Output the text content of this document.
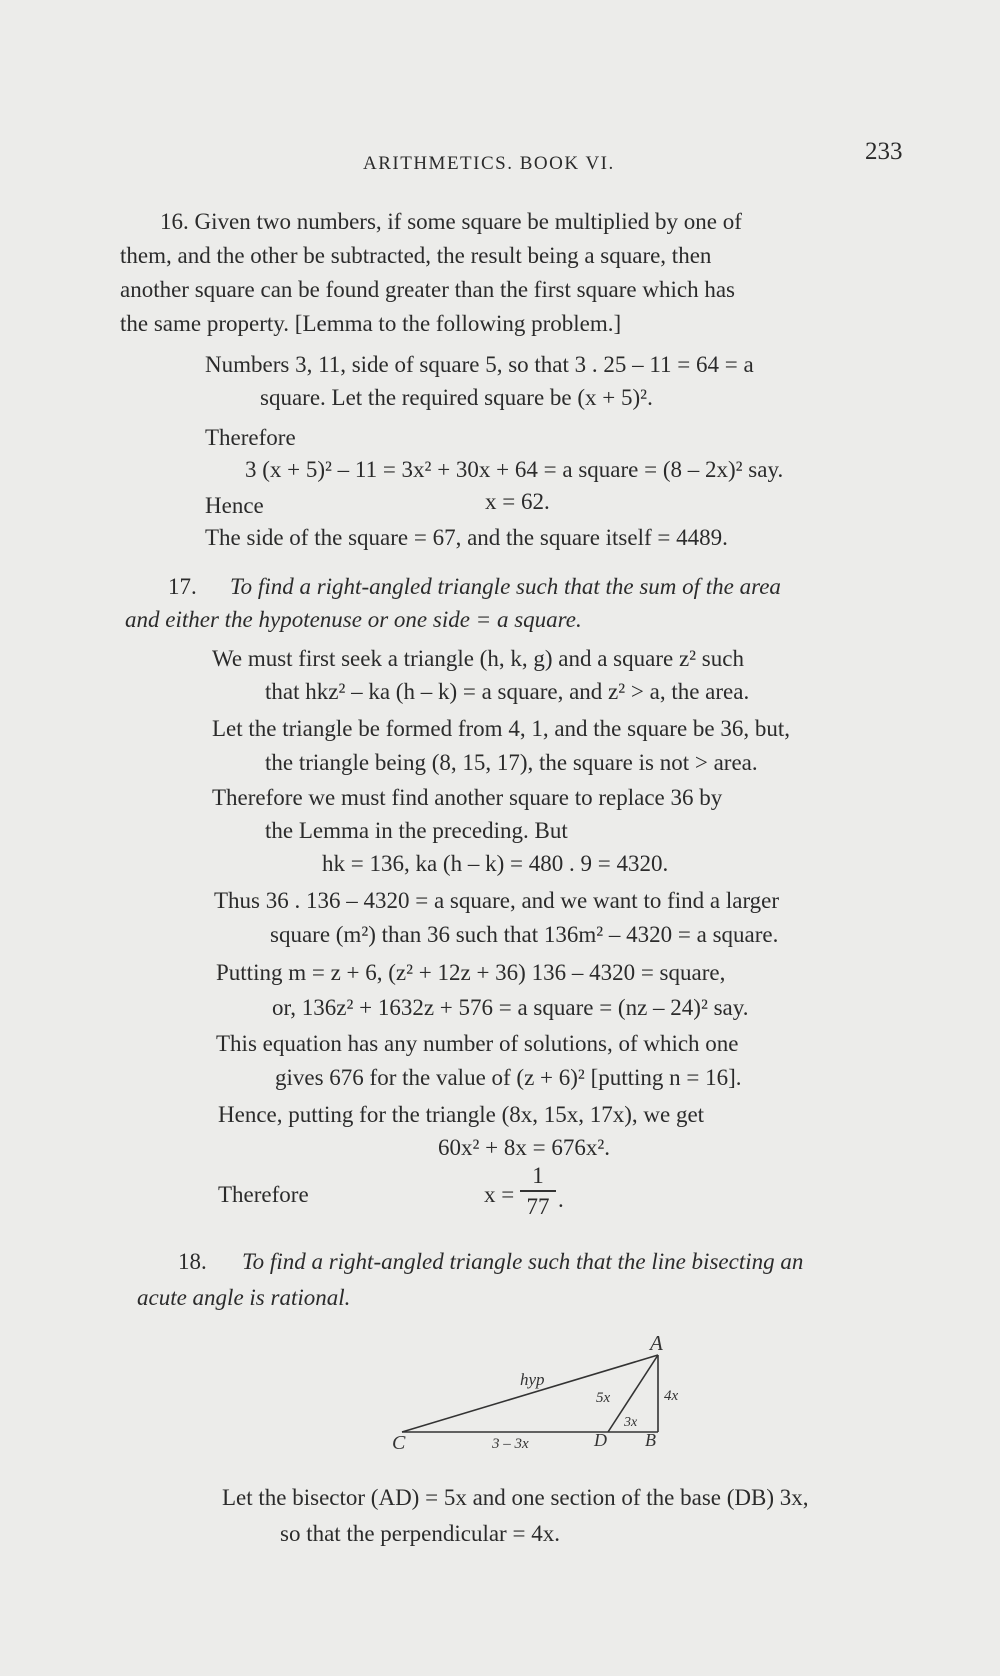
ARITHMETICS. BOOK VI.	233
16. Given two numbers, if some square be multiplied by one of
them, and the other be subtracted, the result being a square, then
another square can be found greater than the first square which has
the same property. [Lemma to the following problem.]
Numbers 3, 11, side of square 5, so that 3 . 25 – 11 = 64 = a
square. Let the required square be (x + 5)².
Therefore
3 (x + 5)² – 11 = 3x² + 30x + 64 = a square = (8 – 2x)² say.
Hence	x = 62.
The side of the square = 67, and the square itself = 4489.
17. To find a right-angled triangle such that the sum of the area
and either the hypotenuse or one side = a square.
We must first seek a triangle (h, k, g) and a square z² such
that hkz² – ka (h – k) = a square, and z² > a, the area.
Let the triangle be formed from 4, 1, and the square be 36, but,
the triangle being (8, 15, 17), the square is not > area.
Therefore we must find another square to replace 36 by
the Lemma in the preceding. But
hk = 136, ka (h – k) = 480 . 9 = 4320.
Thus 36 . 136 – 4320 = a square, and we want to find a larger
square (m²) than 36 such that 136m² – 4320 = a square.
Putting m = z + 6, (z² + 12z + 36) 136 – 4320 = square,
or, 136z² + 1632z + 576 = a square = (nz – 24)² say.
This equation has any number of solutions, of which one
gives 676 for the value of (z + 6)² [putting n = 16].
Hence, putting for the triangle (8x, 15x, 17x), we get
60x² + 8x = 676x².
Therefore	x =
1
77 .
18. To find a right-angled triangle such that the line bisecting an
acute angle is rational.
A
B
C	D
hyp
5x	4x
3x
3 – 3x
Let the bisector (AD) = 5x and one section of the base (DB) 3x,
so that the perpendicular = 4x.
